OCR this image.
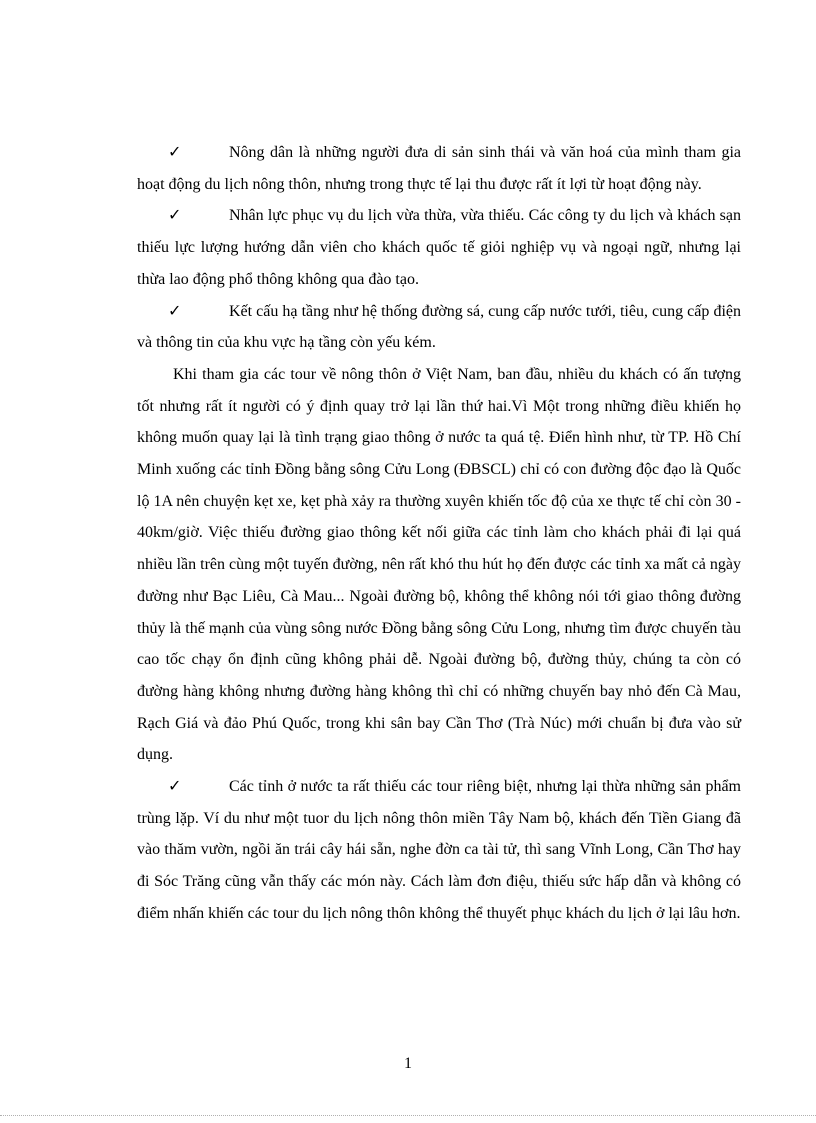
✓	Nông dân là những người đưa di sản sinh thái và văn hoá của mình tham gia hoạt động du lịch nông thôn, nhưng trong thực tế lại thu được rất ít lợi từ hoạt động này.

✓	Nhân lực phục vụ du lịch vừa thừa, vừa thiếu. Các công ty du lịch và khách sạn thiếu lực lượng hướng dẫn viên cho khách quốc tế giỏi nghiệp vụ và ngoại ngữ, nhưng lại thừa lao động phổ thông không qua đào tạo.

✓	Kết cấu hạ tầng như hệ thống đường sá, cung cấp nước tưới, tiêu, cung cấp điện và thông tin của khu vực hạ tầng còn yếu kém.

Khi tham gia các tour về nông thôn ở Việt Nam, ban đầu, nhiều du khách có ấn tượng tốt nhưng rất ít người có ý định quay trở lại lần thứ hai.Vì Một trong những điều khiến họ không muốn quay lại là tình trạng giao thông ở nước ta quá tệ. Điển hình như, từ TP. Hồ Chí Minh xuống các tỉnh Đồng bằng sông Cửu Long (ĐBSCL) chỉ có con đường độc đạo là Quốc lộ 1A nên chuyện kẹt xe, kẹt phà xảy ra thường xuyên khiến tốc độ của xe thực tế chỉ còn 30 - 40km/giờ. Việc thiếu đường giao thông kết nối giữa các tỉnh làm cho khách phải đi lại quá nhiều lần trên cùng một tuyến đường, nên rất khó thu hút họ đến được các tỉnh xa mất cả ngày đường như Bạc Liêu, Cà Mau... Ngoài đường bộ, không thể không nói tới giao thông đường thủy là thế mạnh của vùng sông nước Đồng bằng sông Cửu Long, nhưng tìm được chuyến tàu cao tốc chạy ổn định cũng không phải dễ. Ngoài đường bộ, đường thủy, chúng ta còn có đường hàng không nhưng đường hàng không thì chỉ có những chuyến bay nhỏ đến Cà Mau, Rạch Giá và đảo Phú Quốc, trong khi sân bay Cần Thơ (Trà Núc) mới chuẩn bị đưa vào sử dụng.

✓	Các tỉnh ở nước ta rất thiếu các tour riêng biệt, nhưng lại thừa những sản phẩm trùng lặp. Ví du như một tuor du lịch nông thôn miền Tây Nam bộ, khách đến Tiền Giang đã vào thăm vườn, ngồi ăn trái cây hái sẵn, nghe đờn ca tài tử, thì sang Vĩnh Long, Cần Thơ hay đi Sóc Trăng cũng vẫn thấy các món này. Cách làm đơn điệu, thiếu sức hấp dẫn và không có điểm nhấn khiến các tour du lịch nông thôn không thể thuyết phục khách du lịch ở lại lâu hơn.

1
